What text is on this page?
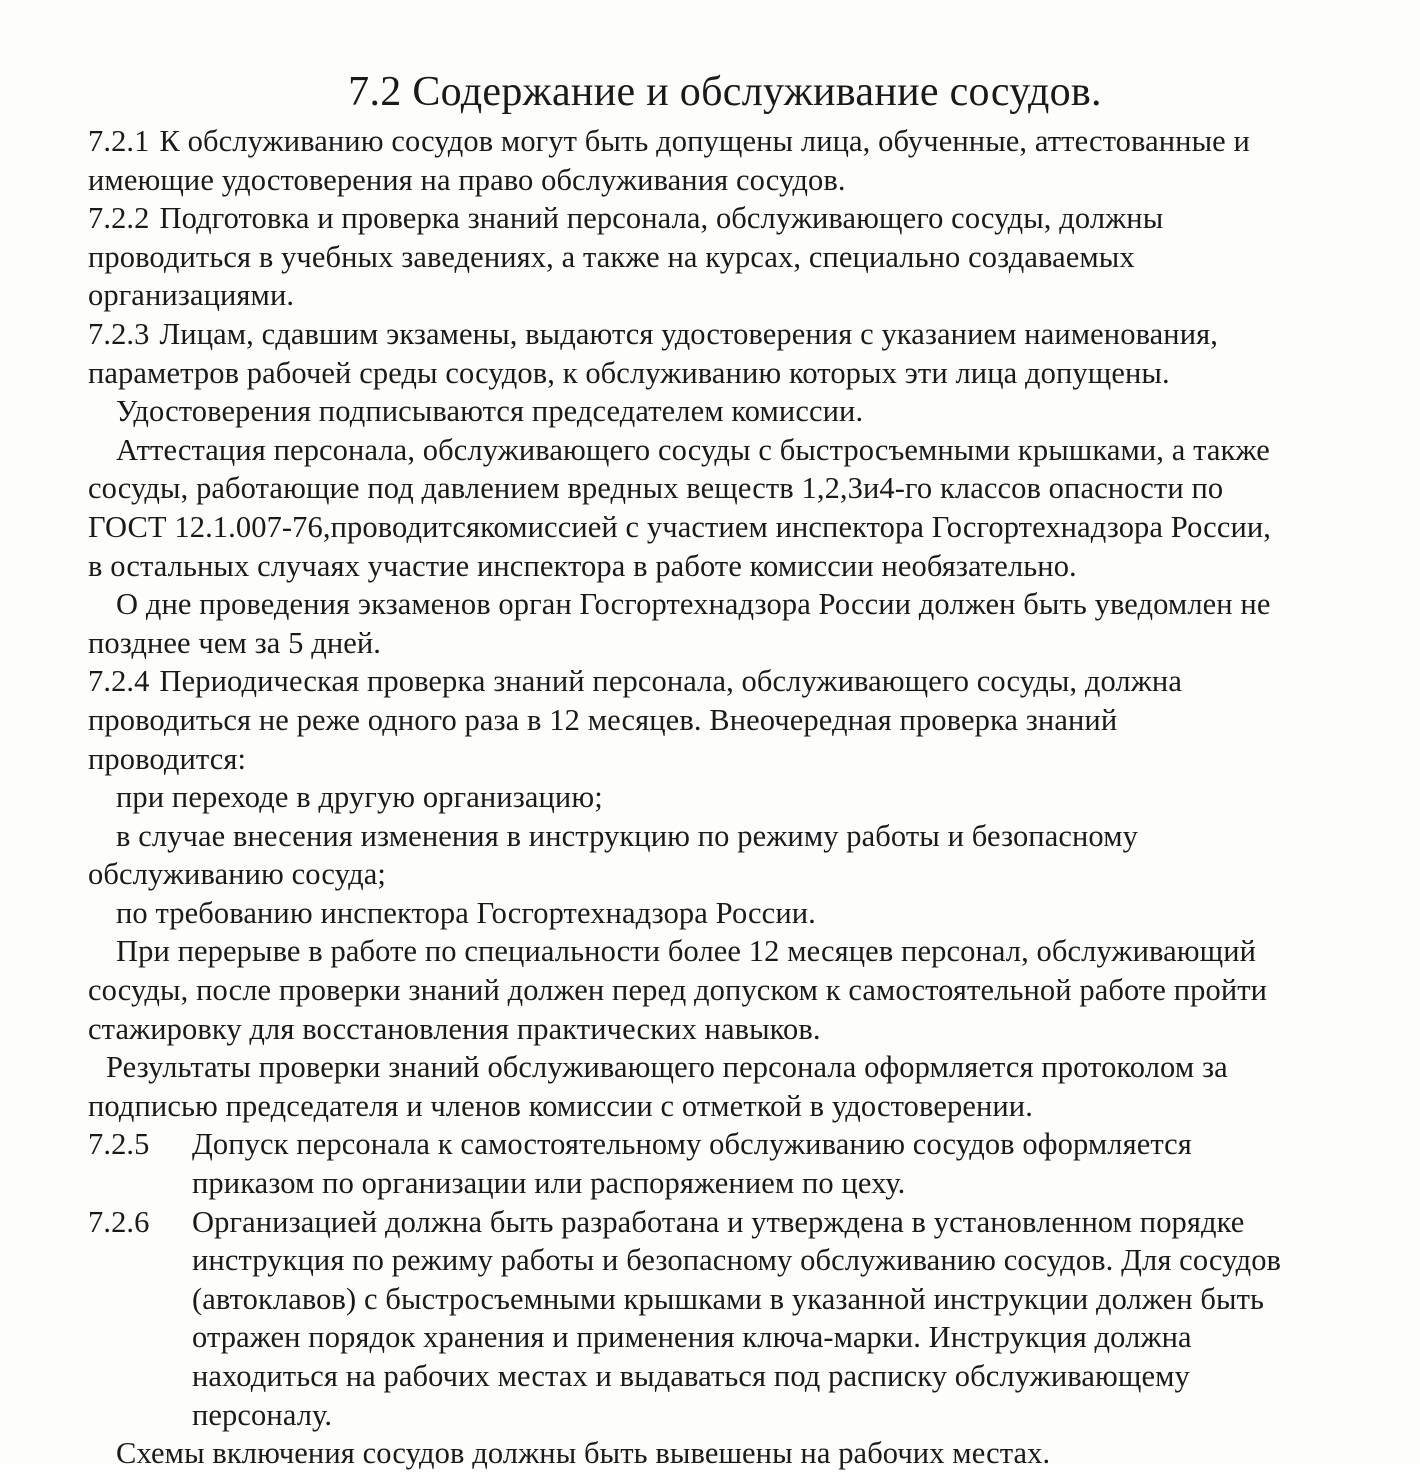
7.2 Содержание и обслуживание сосудов.
7.2.1 К обслуживанию сосудов могут быть допущены лица, обученные, аттестованные и
имеющие удостоверения на право обслуживания сосудов.
7.2.2 Подготовка и проверка знаний персонала, обслуживающего сосуды, должны
проводиться в учебных заведениях, а также на курсах, специально создаваемых
организациями.
7.2.3 Лицам, сдавшим экзамены, выдаются удостоверения с указанием наименования,
параметров рабочей среды сосудов, к обслуживанию которых эти лица допущены.
Удостоверения подписываются председателем комиссии.
Аттестация персонала, обслуживающего сосуды с быстросъемными крышками, а также
сосуды, работающие под давлением вредных веществ 1,2,3и4-го классов опасности по
ГОСТ 12.1.007-76,проводитсякомиссией с участием инспектора Госгортехнадзора России,
в остальных случаях участие инспектора в работе комиссии необязательно.
О дне проведения экзаменов орган Госгортехнадзора России должен быть уведомлен не
позднее чем за 5 дней.
7.2.4 Периодическая проверка знаний персонала, обслуживающего сосуды, должна
проводиться не реже одного раза в 12 месяцев. Внеочередная проверка знаний
проводится:
при переходе в другую организацию;
в случае внесения изменения в инструкцию по режиму работы и безопасному
обслуживанию сосуда;
по требованию инспектора Госгортехнадзора России.
При перерыве в работе по специальности более 12 месяцев персонал, обслуживающий
сосуды, после проверки знаний должен перед допуском к самостоятельной работе пройти
стажировку для восстановления практических навыков.
Результаты проверки знаний обслуживающего персонала оформляется протоколом за
подписью председателя и членов комиссии с отметкой в удостоверении.
7.2.5	Допуск персонала к самостоятельному обслуживанию сосудов оформляется
приказом по организации или распоряжением по цеху.
7.2.6	Организацией должна быть разработана и утверждена в установленном порядке
инструкция по режиму работы и безопасному обслуживанию сосудов. Для сосудов
(автоклавов) с быстросъемными крышками в указанной инструкции должен быть
отражен порядок хранения и применения ключа-марки. Инструкция должна
находиться на рабочих местах и выдаваться под расписку обслуживающему
персоналу.
Схемы включения сосудов должны быть вывешены на рабочих местах.
